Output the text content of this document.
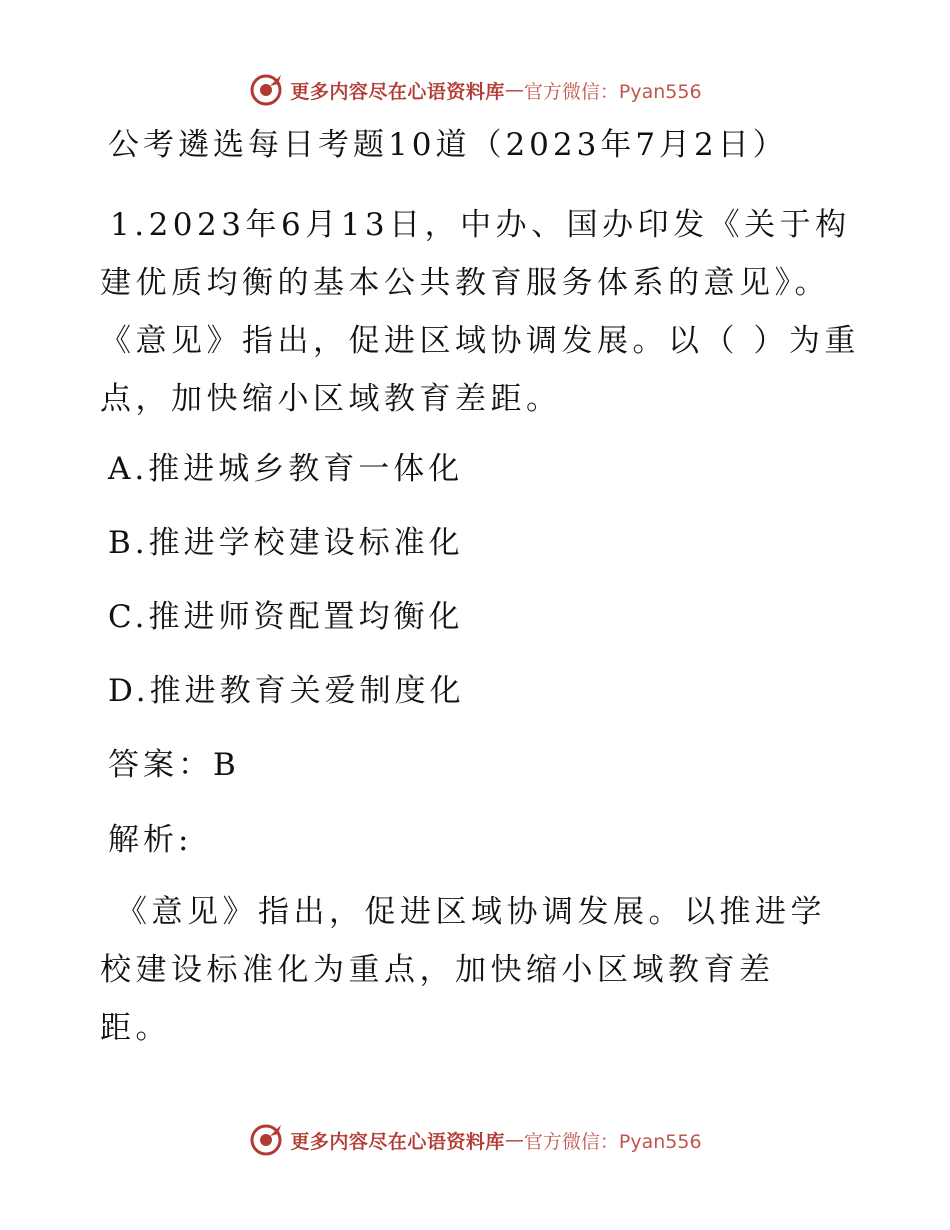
更多内容尽在心语资料库 — 官方微信：Pyan556
公考遴选每日考题10道（2023年7月2日）
1.2023年6月13日，中办、国办印发《关于构建优质均衡的基本公共教育服务体系的意见》。《意见》指出，促进区域协调发展。以（ ）为重点，加快缩小区域教育差距。
A.推进城乡教育一体化
B.推进学校建设标准化
C.推进师资配置均衡化
D.推进教育关爱制度化
答案：B
解析:
《意见》指出，促进区域协调发展。以推进学校建设标准化为重点，加快缩小区域教育差距。
更多内容尽在心语资料库 — 官方微信：Pyan556
